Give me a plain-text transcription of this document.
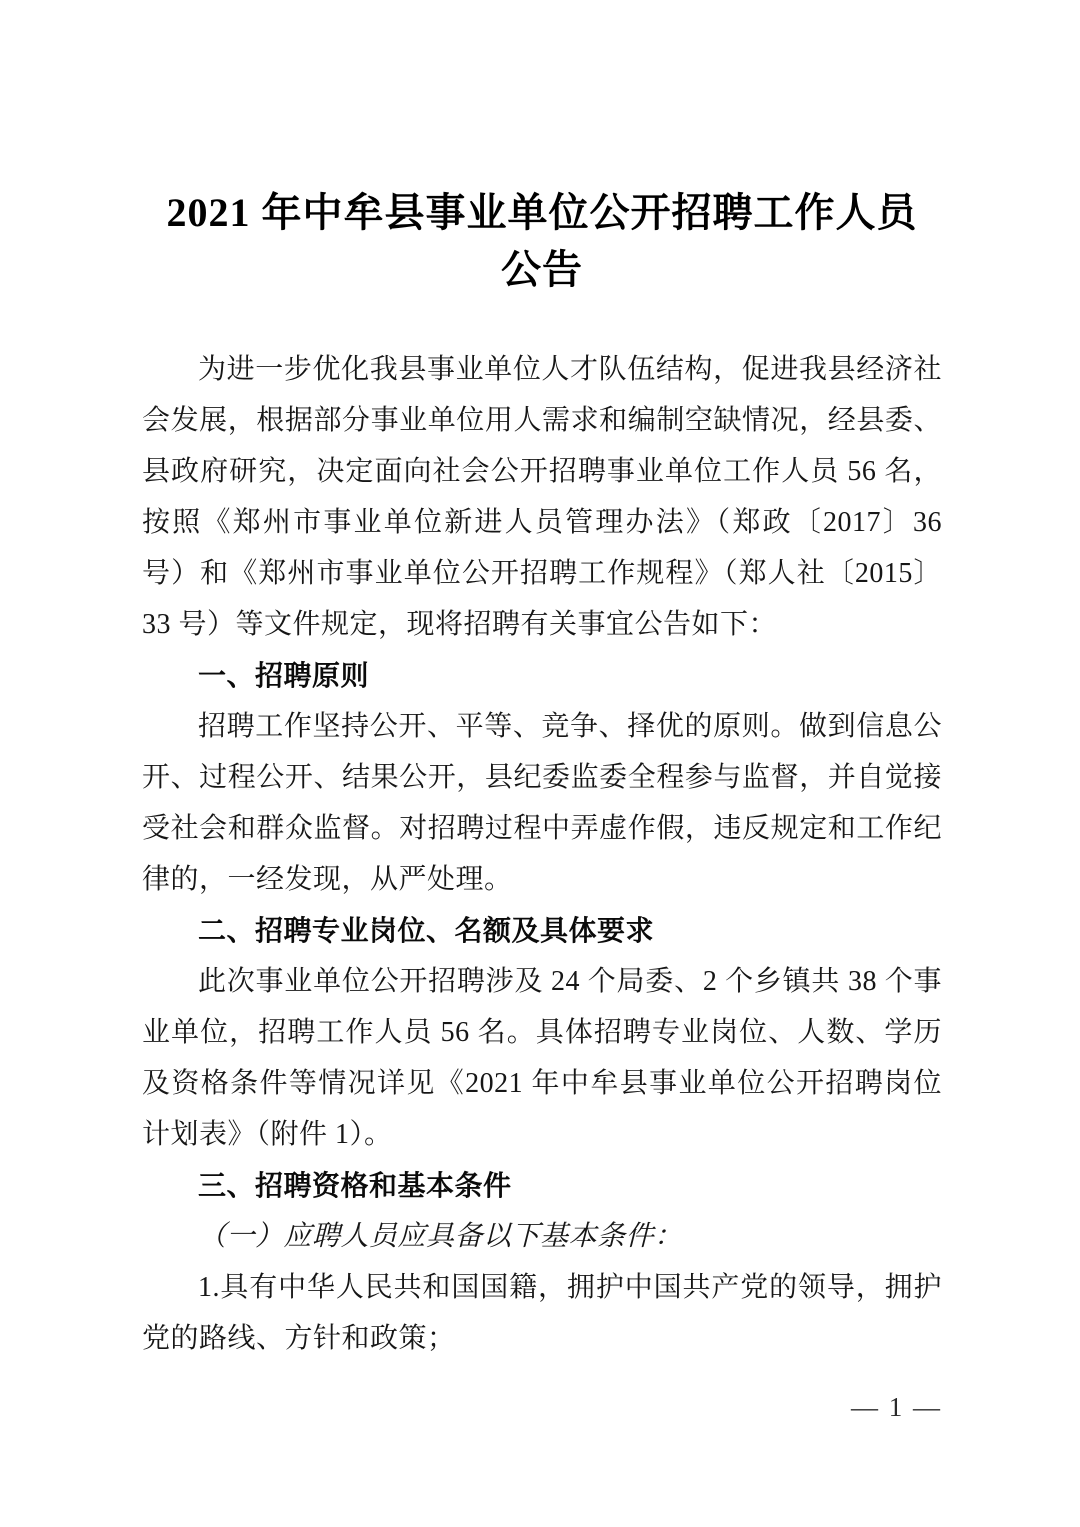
2021 年中牟县事业单位公开招聘工作人员
公告

为进一步优化我县事业单位人才队伍结构，促进我县经济社会发展，根据部分事业单位用人需求和编制空缺情况，经县委、县政府研究，决定面向社会公开招聘事业单位工作人员 56 名，按照《郑州市事业单位新进人员管理办法》（郑政〔2017〕36 号）和《郑州市事业单位公开招聘工作规程》（郑人社〔2015〕33 号）等文件规定，现将招聘有关事宜公告如下：

一、招聘原则

招聘工作坚持公开、平等、竞争、择优的原则。做到信息公开、过程公开、结果公开，县纪委监委全程参与监督，并自觉接受社会和群众监督。对招聘过程中弄虚作假，违反规定和工作纪律的，一经发现，从严处理。

二、招聘专业岗位、名额及具体要求

此次事业单位公开招聘涉及 24 个局委、2 个乡镇共 38 个事业单位，招聘工作人员 56 名。具体招聘专业岗位、人数、学历及资格条件等情况详见《2021 年中牟县事业单位公开招聘岗位计划表》（附件 1）。

三、招聘资格和基本条件

（一）应聘人员应具备以下基本条件：

1.具有中华人民共和国国籍，拥护中国共产党的领导，拥护党的路线、方针和政策；

— 1 —
